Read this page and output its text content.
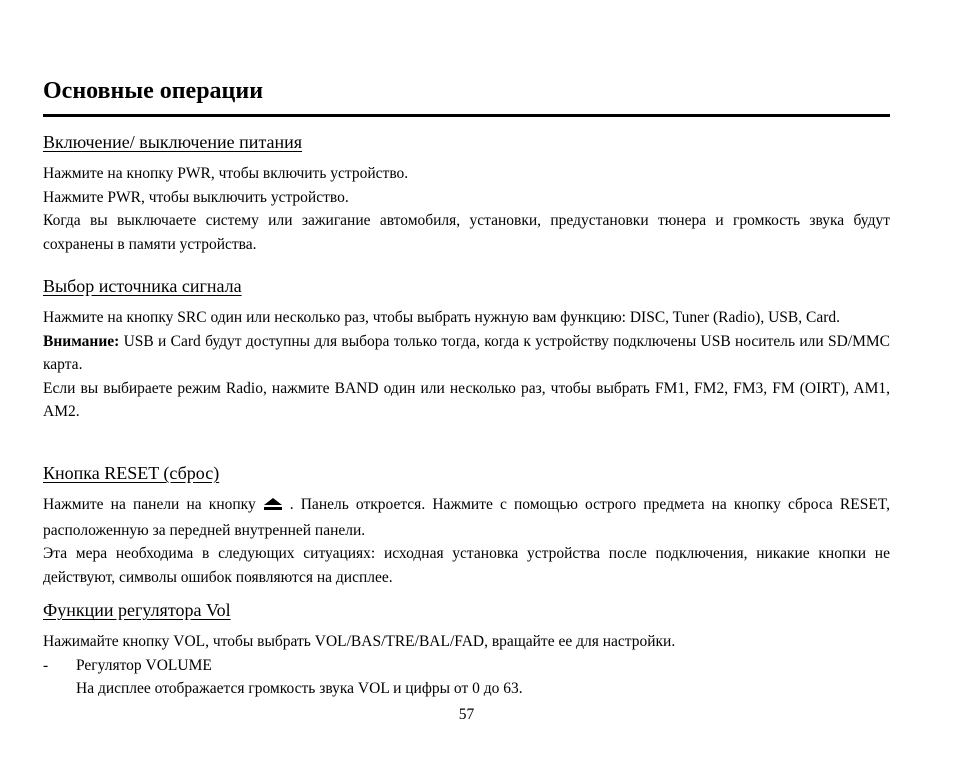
Основные операции
Включение/ выключение питания

Нажмите на кнопку PWR, чтобы включить устройство.

Нажмите PWR, чтобы выключить устройство.

Когда вы выключаете систему или зажигание автомобиля, установки, предустановки тюнера и громкость звука будут сохранены в памяти устройства.

Выбор источника сигнала

Нажмите на кнопку SRC один или несколько раз, чтобы выбрать нужную вам функцию: DISC, Tuner (Radio), USB, Card.

Внимание: USB и Card будут доступны для выбора только тогда, когда к устройству подключены USB носитель или SD/MMC карта.

Если вы выбираете режим Radio, нажмите BAND один или несколько раз, чтобы выбрать FM1, FM2, FM3, FM (OIRT), AM1, AM2.

Кнопка RESET (сброс)

Нажмите на панели на кнопку . Панель откроется. Нажмите с помощью острого предмета на кнопку сброса RESET, расположенную за передней внутренней панели.

Эта мера необходима в следующих ситуациях: исходная установка устройства после подключения, никакие кнопки не действуют, символы ошибок появляются на дисплее.

Функции регулятора Vol

Нажимайте кнопку VOL, чтобы выбрать VOL/BAS/TRE/BAL/FAD, вращайте ее для настройки.

-	Регулятор VOLUME
На дисплее отображается громкость звука VOL и цифры от 0 до 63.
57
